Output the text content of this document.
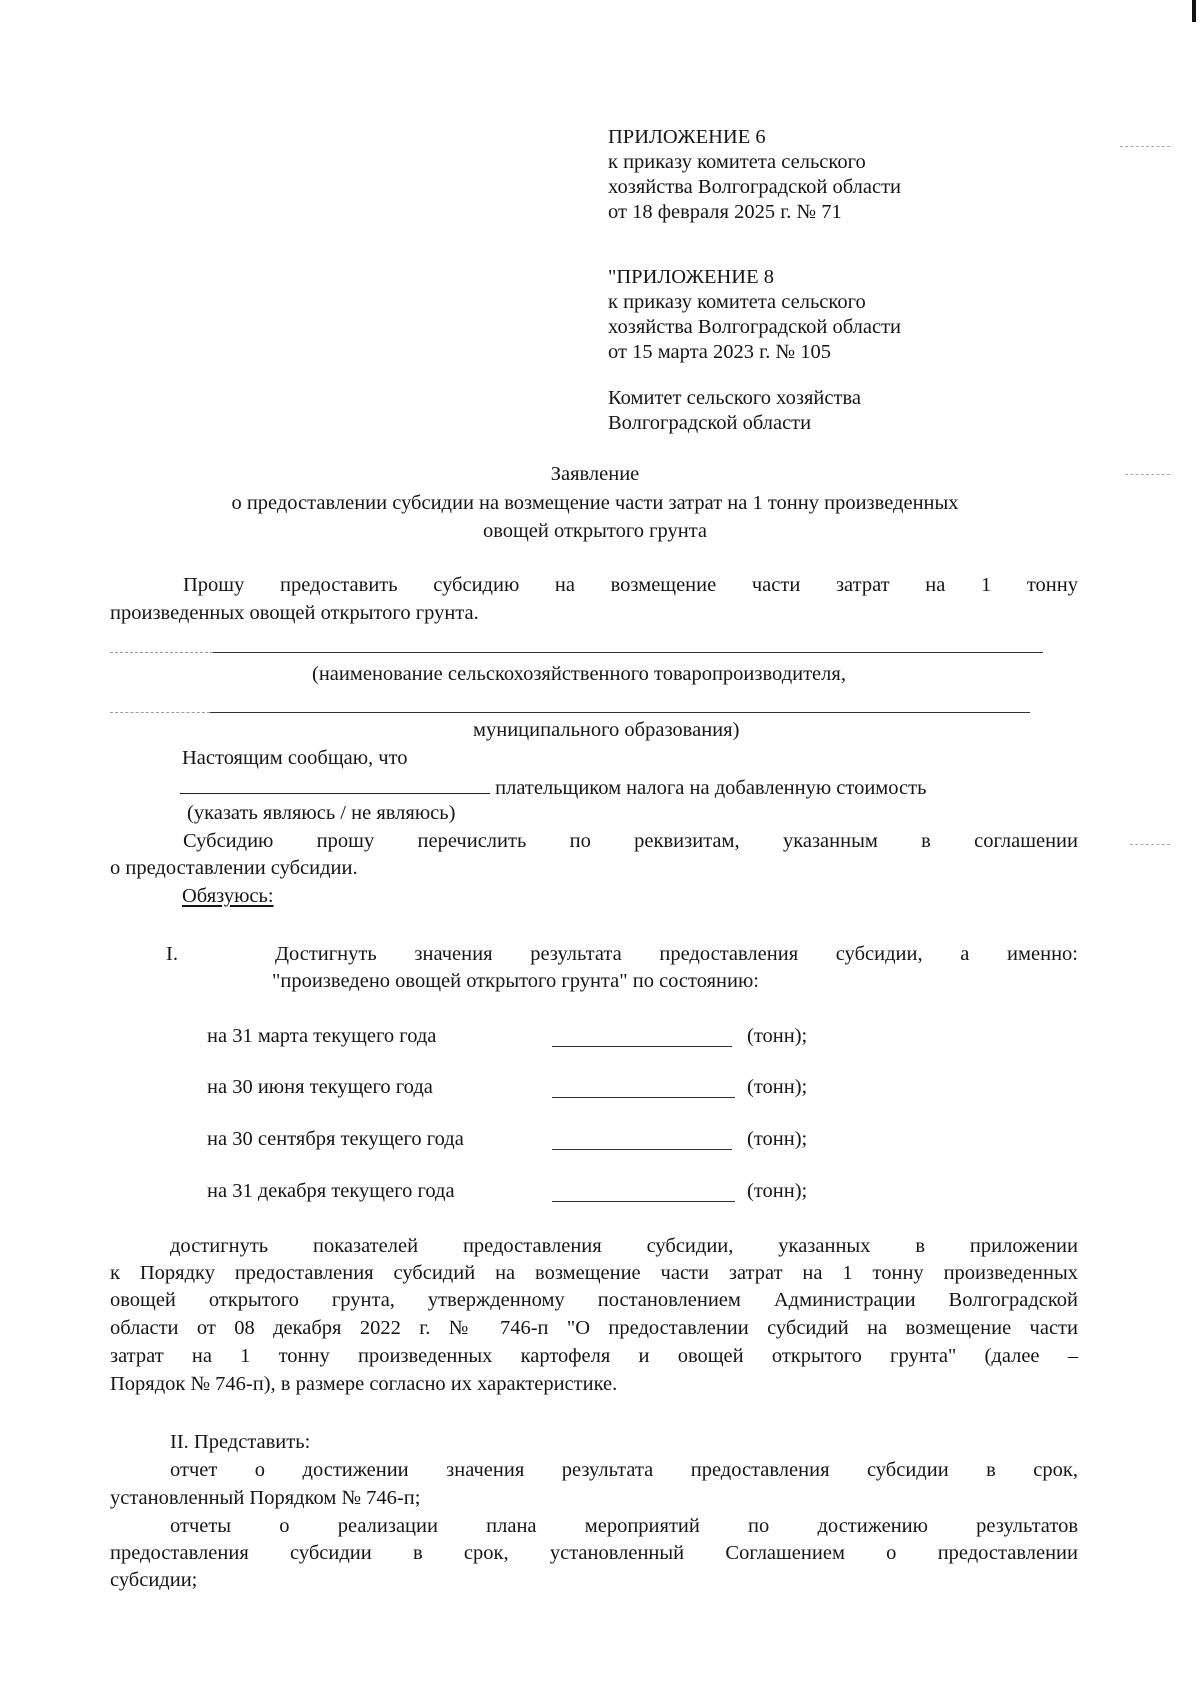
ПРИЛОЖЕНИЕ 6
к приказу комитета сельского
хозяйства Волгоградской области
от 18 февраля 2025 г. № 71
"ПРИЛОЖЕНИЕ 8
к приказу комитета сельского
хозяйства Волгоградской области
от 15 марта 2023 г. № 105
Комитет сельского хозяйства
Волгоградской области
Заявление
о предоставлении субсидии на возмещение части затрат на 1 тонну произведенных
овощей открытого грунта
Прошу предоставить субсидию на возмещение части затрат на 1 тонну
произведенных овощей открытого грунта.
(наименование сельскохозяйственного товаропроизводителя,
муниципального образования)
Настоящим сообщаю, что
плательщиком налога на добавленную стоимость
(указать являюсь / не являюсь)
Субсидию прошу перечислить по реквизитам, указанным в соглашении
о предоставлении субсидии.
Обязуюсь:
I.	Достигнуть значения результата предоставления субсидии, а именно:
"произведено овощей открытого грунта" по состоянию:
на 31 марта текущего года	(тонн);
на 30 июня текущего года	(тонн);
на 30 сентября текущего года	(тонн);
на 31 декабря текущего года	(тонн);
достигнуть показателей предоставления субсидии, указанных в приложении
к Порядку предоставления субсидий на возмещение части затрат на 1 тонну произведенных
овощей открытого грунта, утвержденному постановлением Администрации Волгоградской
области от 08 декабря 2022 г. № 746-п "О предоставлении субсидий на возмещение части
затрат на 1 тонну произведенных картофеля и овощей открытого грунта" (далее –
Порядок № 746-п), в размере согласно их характеристике.
II. Представить:
отчет о достижении значения результата предоставления субсидии в срок,
установленный Порядком № 746-п;
отчеты о реализации плана мероприятий по достижению результатов
предоставления субсидии в срок, установленный Соглашением о предоставлении
субсидии;
